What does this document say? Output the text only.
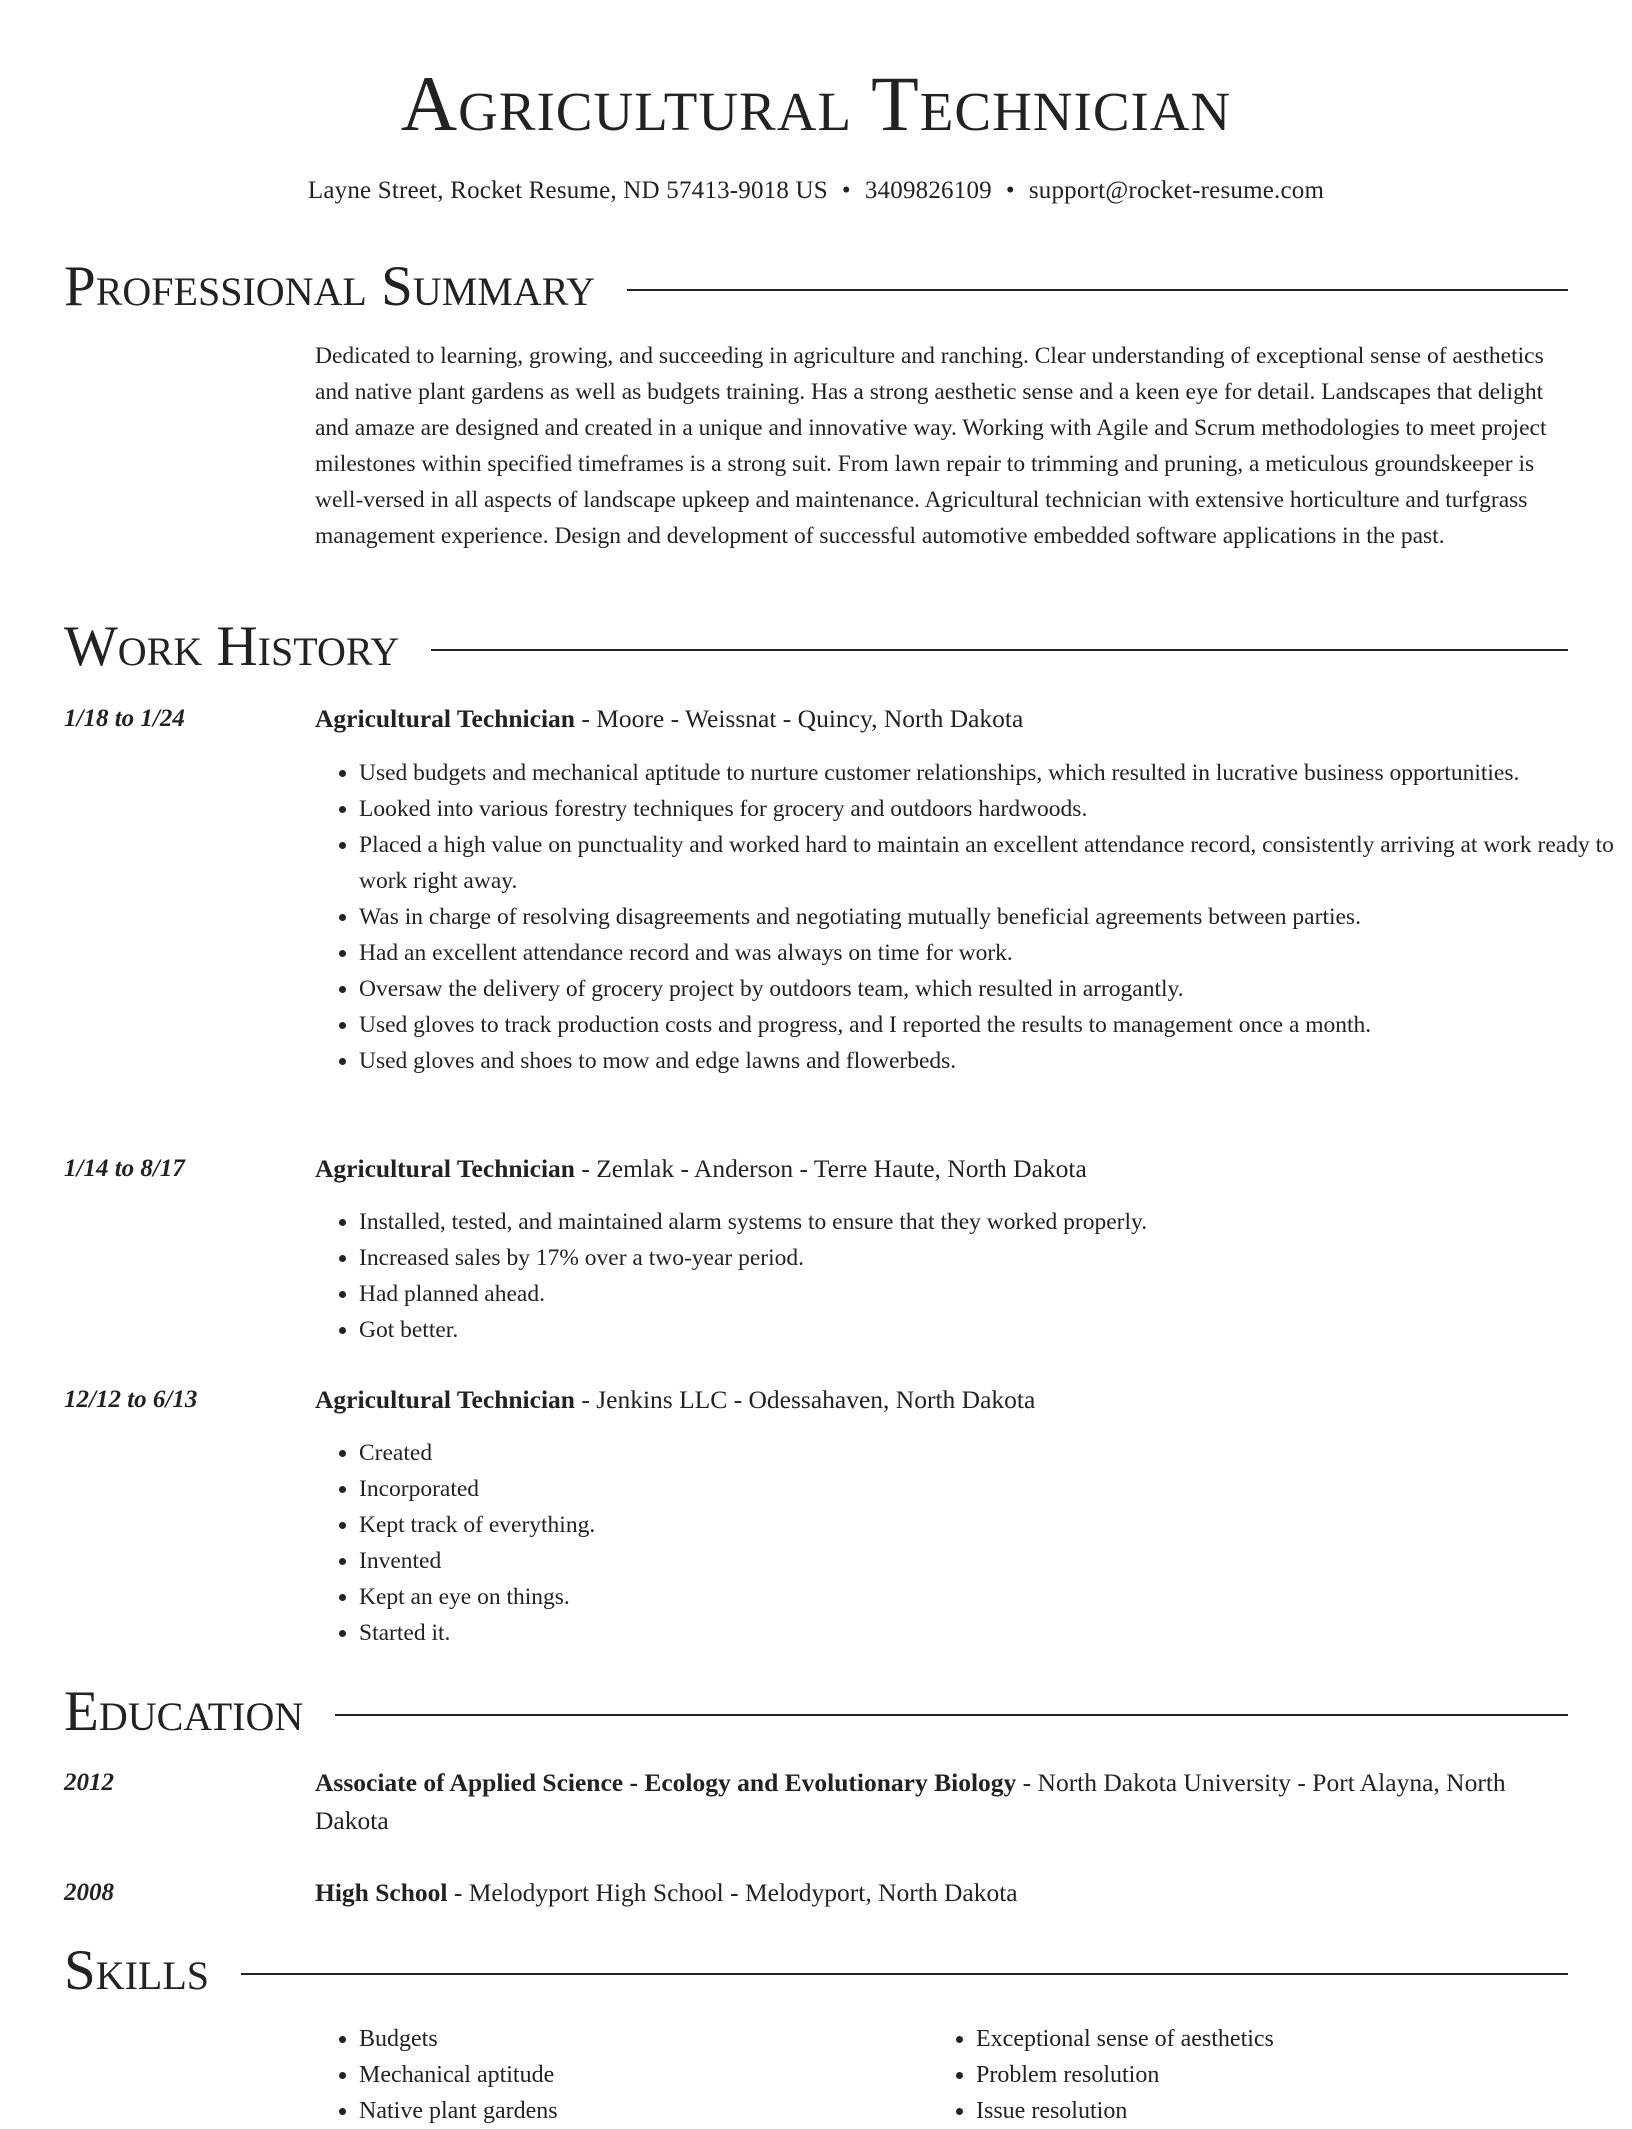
Agricultural Technician
Layne Street, Rocket Resume, ND 57413-9018 US • 3409826109 • support@rocket-resume.com
Professional Summary

Dedicated to learning, growing, and succeeding in agriculture and ranching. Clear understanding of exceptional sense of aesthetics and native plant gardens as well as budgets training. Has a strong aesthetic sense and a keen eye for detail. Landscapes that delight and amaze are designed and created in a unique and innovative way. Working with Agile and Scrum methodologies to meet project milestones within specified timeframes is a strong suit. From lawn repair to trimming and pruning, a meticulous groundskeeper is well-versed in all aspects of landscape upkeep and maintenance. Agricultural technician with extensive horticulture and turfgrass management experience. Design and development of successful automotive embedded software applications in the past.

Work History
1/18 to 1/24	Agricultural Technician - Moore - Weissnat - Quincy, North Dakota
• Used budgets and mechanical aptitude to nurture customer relationships, which resulted in lucrative business opportunities.
• Looked into various forestry techniques for grocery and outdoors hardwoods.
• Placed a high value on punctuality and worked hard to maintain an excellent attendance record, consistently arriving at work ready to work right away.
• Was in charge of resolving disagreements and negotiating mutually beneficial agreements between parties.
• Had an excellent attendance record and was always on time for work.
• Oversaw the delivery of grocery project by outdoors team, which resulted in arrogantly.
• Used gloves to track production costs and progress, and I reported the results to management once a month.
• Used gloves and shoes to mow and edge lawns and flowerbeds.
1/14 to 8/17	Agricultural Technician - Zemlak - Anderson - Terre Haute, North Dakota
• Installed, tested, and maintained alarm systems to ensure that they worked properly.
• Increased sales by 17% over a two-year period.
• Had planned ahead.
• Got better.
12/12 to 6/13	Agricultural Technician - Jenkins LLC - Odessahaven, North Dakota
• Created
• Incorporated
• Kept track of everything.
• Invented
• Kept an eye on things.
• Started it.
Education
2012	Associate of Applied Science - Ecology and Evolutionary Biology - North Dakota University - Port Alayna, North Dakota
2008	High School - Melodyport High School - Melodyport, North Dakota
Skills
• Budgets
• Mechanical aptitude
• Native plant gardens
• Exceptional sense of aesthetics
• Problem resolution
• Issue resolution
